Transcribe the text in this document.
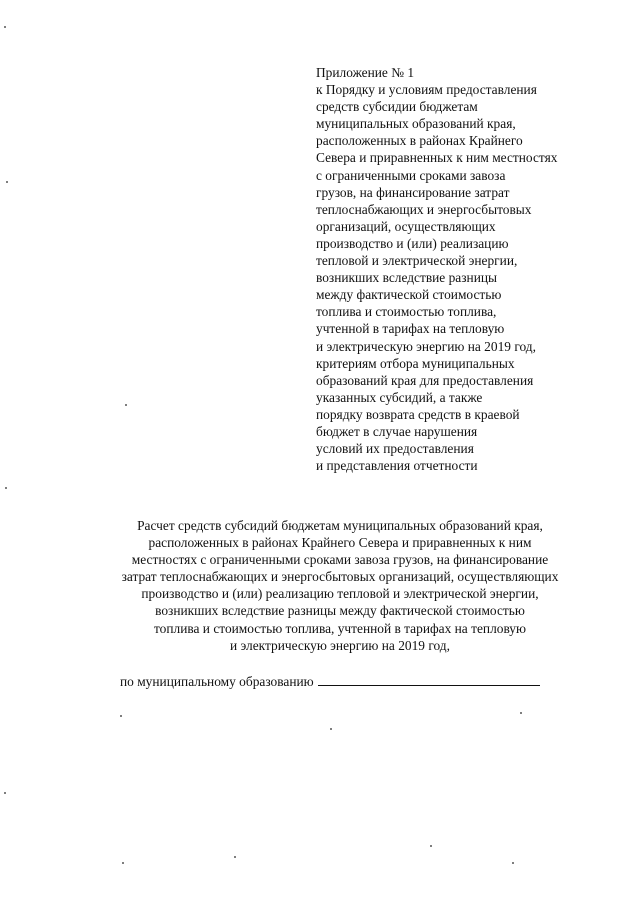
Приложение № 1
к Порядку и условиям предоставления
средств субсидии бюджетам
муниципальных образований края,
расположенных в районах Крайнего
Севера и приравненных к ним местностях
с ограниченными сроками завоза
грузов, на финансирование затрат
теплоснабжающих и энергосбытовых
организаций, осуществляющих
производство и (или) реализацию
тепловой и электрической энергии,
возникших вследствие разницы
между фактической стоимостью
топлива и стоимостью топлива,
учтенной в тарифах на тепловую
и электрическую энергию на 2019 год,
критериям отбора муниципальных
образований края для предоставления
указанных субсидий, а также
порядку возврата средств в краевой
бюджет в случае нарушения
условий их предоставления
и представления отчетности
Расчет средств субсидий бюджетам муниципальных образований края,
расположенных в районах Крайнего Севера и приравненных к ним
местностях с ограниченными сроками завоза грузов, на финансирование
затрат теплоснабжающих и энергосбытовых организаций, осуществляющих
производство и (или) реализацию тепловой и электрической энергии,
возникших вследствие разницы между фактической стоимостью
топлива и стоимостью топлива, учтенной в тарифах на тепловую
и электрическую энергию на 2019 год,
по муниципальному образованию
